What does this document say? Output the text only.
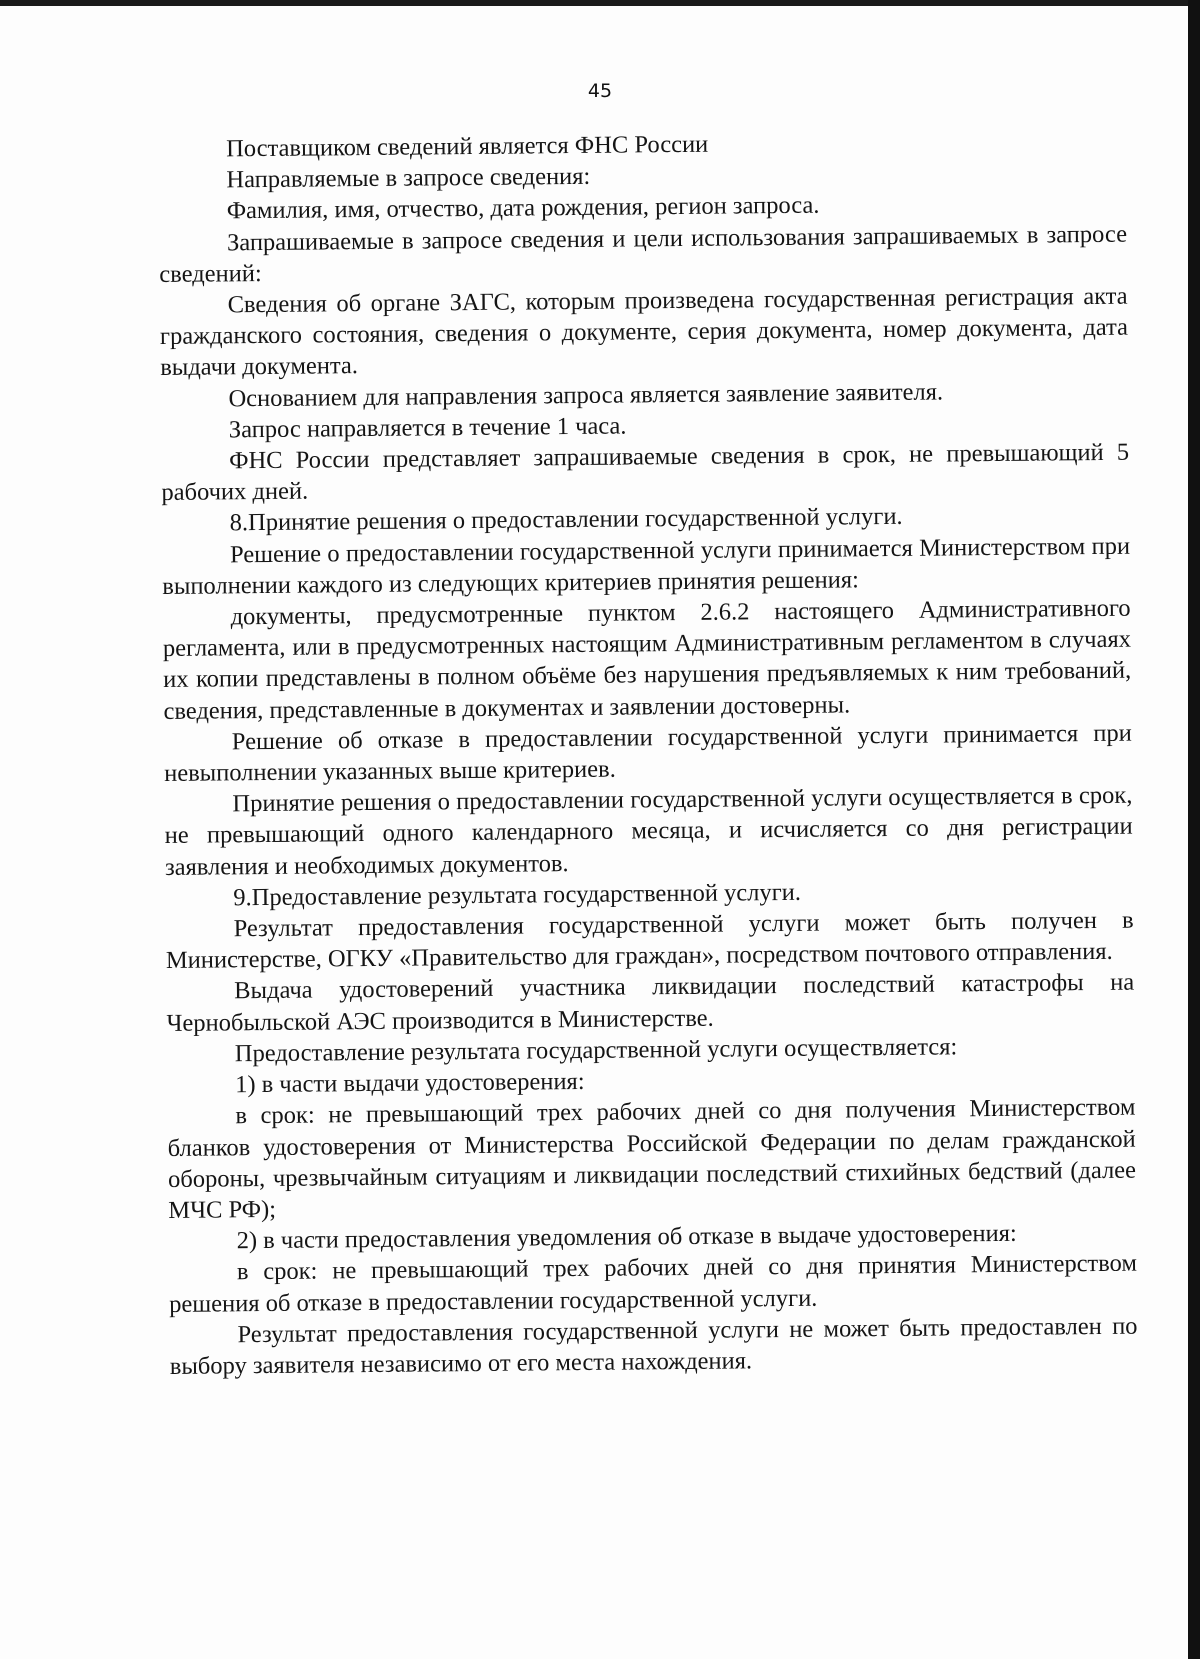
45

Поставщиком сведений является ФНС России

Направляемые в запросе сведения:

Фамилия, имя, отчество, дата рождения, регион запроса.

Запрашиваемые в запросе сведения и цели использования запрашиваемых в запросе сведений:

Сведения об органе ЗАГС, которым произведена государственная регистрация акта гражданского состояния, сведения о документе, серия документа, номер документа, дата выдачи документа.

Основанием для направления запроса является заявление заявителя.

Запрос направляется в течение 1 часа.

ФНС России представляет запрашиваемые сведения в срок, не превышающий 5 рабочих дней.

8.Принятие решения о предоставлении государственной услуги.

Решение о предоставлении государственной услуги принимается Министерством при выполнении каждого из следующих критериев принятия решения:

документы, предусмотренные пунктом 2.6.2 настоящего Административного регламента, или в предусмотренных настоящим Административным регламентом в случаях их копии представлены в полном объёме без нарушения предъявляемых к ним требований, сведения, представленные в документах и заявлении достоверны.

Решение об отказе в предоставлении государственной услуги принимается при невыполнении указанных выше критериев.

Принятие решения о предоставлении государственной услуги осуществляется в срок, не превышающий одного календарного месяца, и исчисляется со дня регистрации заявления и необходимых документов.

9.Предоставление результата государственной услуги.

Результат предоставления государственной услуги может быть получен в Министерстве, ОГКУ «Правительство для граждан», посредством почтового отправления.

Выдача удостоверений участника ликвидации последствий катастрофы на Чернобыльской АЭС производится в Министерстве.

Предоставление результата государственной услуги осуществляется:

1) в части выдачи удостоверения:

в срок: не превышающий трех рабочих дней со дня получения Министерством бланков удостоверения от Министерства Российской Федерации по делам гражданской обороны, чрезвычайным ситуациям и ликвидации последствий стихийных бедствий (далее МЧС РФ);

2) в части предоставления уведомления об отказе в выдаче удостоверения:

в срок: не превышающий трех рабочих дней со дня принятия Министерством решения об отказе в предоставлении государственной услуги.

Результат предоставления государственной услуги не может быть предоставлен по выбору заявителя независимо от его места нахождения.
